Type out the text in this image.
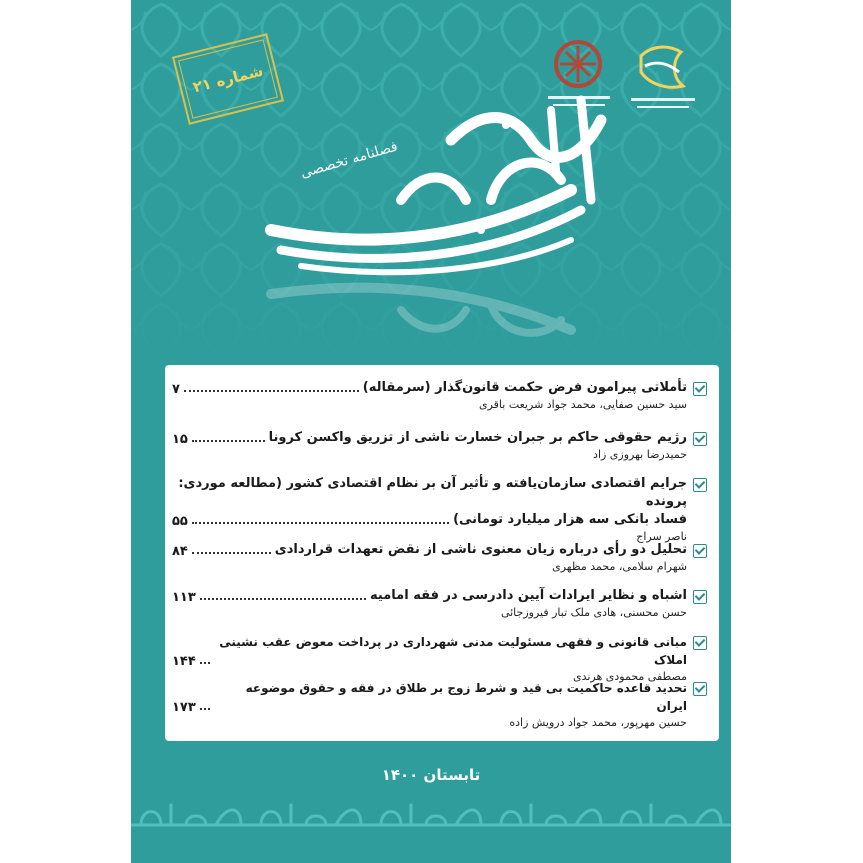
شماره ۲۱
فصلنامه تخصصی
تأملاتی پیرامون فرض حکمت قانون‌گذار (سرمقاله)
۷
سید حسین صفایی، محمد جواد شریعت باقری
رژیم حقوقی حاکم بر جبران خسارت ناشی از تزریق واکسن کرونا
۱۵
حمیدرضا بهروزی زاد
جرایم اقتصادی سازمان‌یافته و تأثیر آن بر نظام اقتصادی کشور (مطالعه موردی: پرونده
فساد بانکی سه هزار میلیارد تومانی)
۵۵
ناصر سراج
تحلیل دو رأی درباره زیان معنوی ناشی از نقض تعهدات قراردادی
۸۴
شهرام سلامی، محمد مظهری
اشباه و نظایر ایرادات آیین دادرسی در فقه امامیه
۱۱۳
حسن محسنی، هادی ملک تبار فیروزجائی
مبانی قانونی و فقهی مسئولیت مدنی شهرداری در پرداخت معوض عقب نشینی املاک
۱۴۴
مصطفی محمودی هرندی
تحدید قاعده حاکمیت بی قید و شرط زوج بر طلاق در فقه و حقوق موضوعه ایران
۱۷۳
حسین مهرپور، محمد جواد درویش زاده
تابستان ۱۴۰۰
